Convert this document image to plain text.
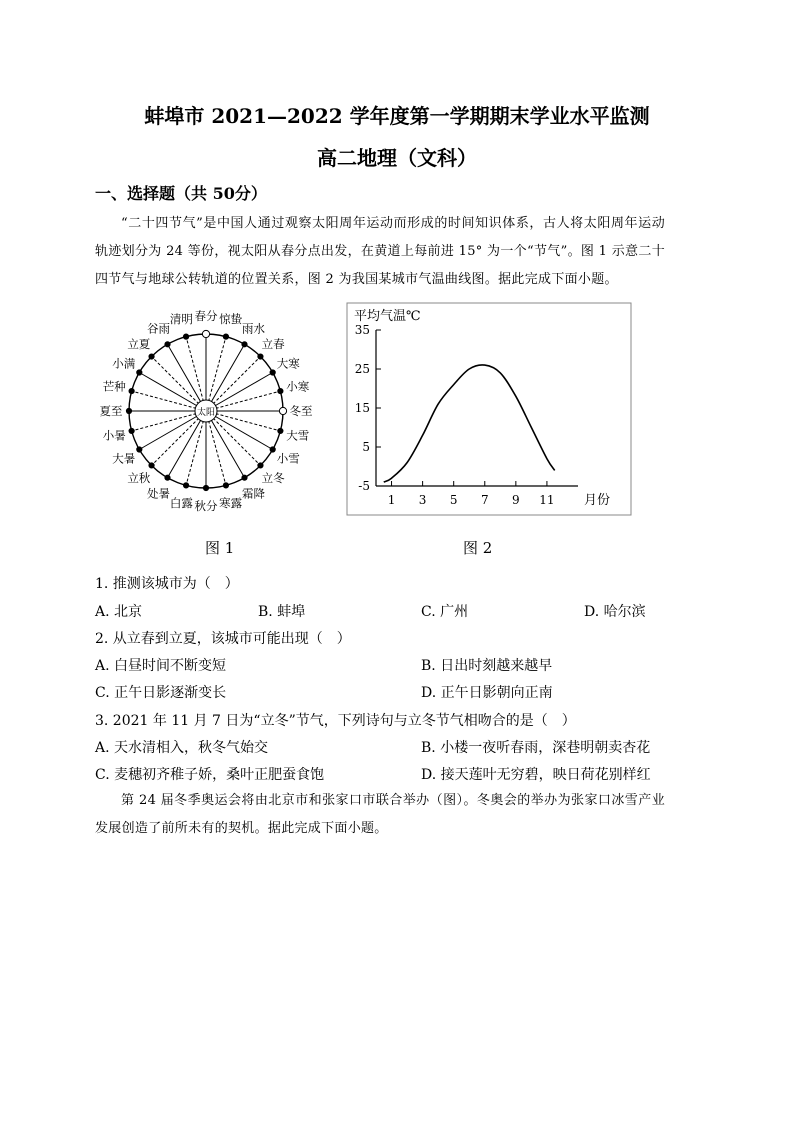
蚌埠市 2021—2022 学年度第一学期期末学业水平监测
高二地理（文科）
一、选择题（共 50分）
“二十四节气”是中国人通过观察太阳周年运动而形成的时间知识体系，古人将太阳周年运动轨迹划分为 24 等份，视太阳从春分点出发，在黄道上每前进 15° 为一个“节气”。图 1 示意二十四节气与地球公转轨道的位置关系，图 2 为我国某城市气温曲线图。据此完成下面小题。
太阳
春分
清明
谷雨
立夏
小满
芒种
夏至
小暑
大暑
立秋
处暑
白露 秋分 寒露
霜降
立冬
小雪
大雪
冬至
小寒
大寒
立春
雨水
惊蛰	平均气温℃
-5
5
15
25
35
1 3 5 7 9 11 月份
图 1	图 2
1. 推测该城市为（　）
A. 北京	B. 蚌埠	C. 广州	D. 哈尔滨
2. 从立春到立夏，该城市可能出现（　）
A. 白昼时间不断变短	B. 日出时刻越来越早
C. 正午日影逐渐变长	D. 正午日影朝向正南
3. 2021 年 11 月 7 日为“立冬”节气，下列诗句与立冬节气相吻合的是（　）
A. 天水清相入，秋冬气始交	B. 小楼一夜听春雨，深巷明朝卖杏花
C. 麦穗初齐稚子娇，桑叶正肥蚕食饱	D. 接天莲叶无穷碧，映日荷花别样红
第 24 届冬季奥运会将由北京市和张家口市联合举办（图）。冬奥会的举办为张家口冰雪产业发展创造了前所未有的契机。据此完成下面小题。
